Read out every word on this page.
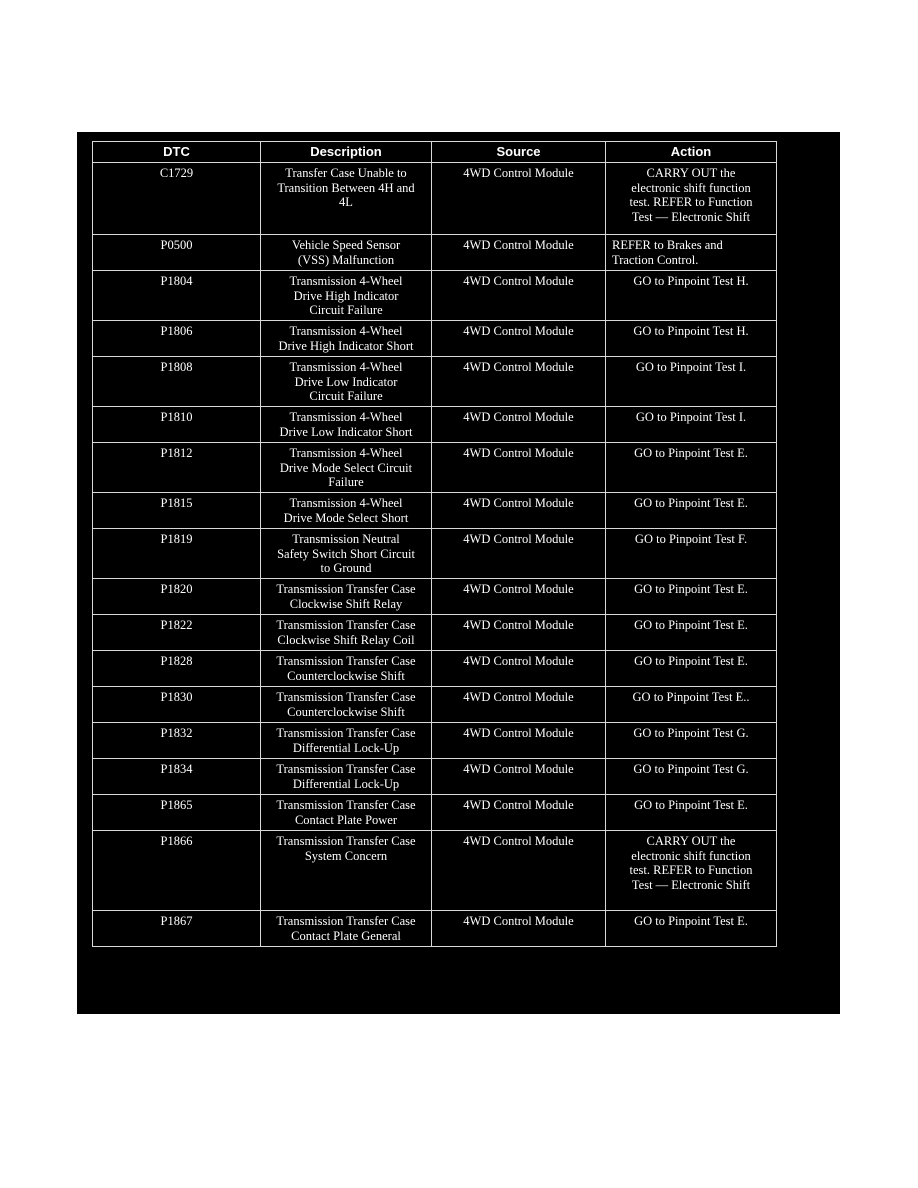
DTC	Description	Source	Action
C1729	Transfer Case Unable to
Transition Between 4H and
4L	4WD Control Module	CARRY OUT the
electronic shift function
test. REFER to Function
Test — Electronic Shift
P0500	Vehicle Speed Sensor
(VSS) Malfunction	4WD Control Module	REFER to Brakes and
Traction Control.
P1804	Transmission 4-Wheel
Drive High Indicator
Circuit Failure	4WD Control Module	GO to Pinpoint Test H.
P1806	Transmission 4-Wheel
Drive High Indicator Short	4WD Control Module	GO to Pinpoint Test H.
P1808	Transmission 4-Wheel
Drive Low Indicator
Circuit Failure	4WD Control Module	GO to Pinpoint Test I.
P1810	Transmission 4-Wheel
Drive Low Indicator Short	4WD Control Module	GO to Pinpoint Test I.
P1812	Transmission 4-Wheel
Drive Mode Select Circuit
Failure	4WD Control Module	GO to Pinpoint Test E.
P1815	Transmission 4-Wheel
Drive Mode Select Short	4WD Control Module	GO to Pinpoint Test E.
P1819	Transmission Neutral
Safety Switch Short Circuit
to Ground	4WD Control Module	GO to Pinpoint Test F.
P1820	Transmission Transfer Case
Clockwise Shift Relay	4WD Control Module	GO to Pinpoint Test E.
P1822	Transmission Transfer Case
Clockwise Shift Relay Coil	4WD Control Module	GO to Pinpoint Test E.
P1828	Transmission Transfer Case
Counterclockwise Shift	4WD Control Module	GO to Pinpoint Test E.
P1830	Transmission Transfer Case
Counterclockwise Shift	4WD Control Module	GO to Pinpoint Test E..
P1832	Transmission Transfer Case
Differential Lock-Up	4WD Control Module	GO to Pinpoint Test G.
P1834	Transmission Transfer Case
Differential Lock-Up	4WD Control Module	GO to Pinpoint Test G.
P1865	Transmission Transfer Case
Contact Plate Power	4WD Control Module	GO to Pinpoint Test E.
P1866	Transmission Transfer Case
System Concern	4WD Control Module	CARRY OUT the
electronic shift function
test. REFER to Function
Test — Electronic Shift
P1867	Transmission Transfer Case
Contact Plate General	4WD Control Module	GO to Pinpoint Test E.
